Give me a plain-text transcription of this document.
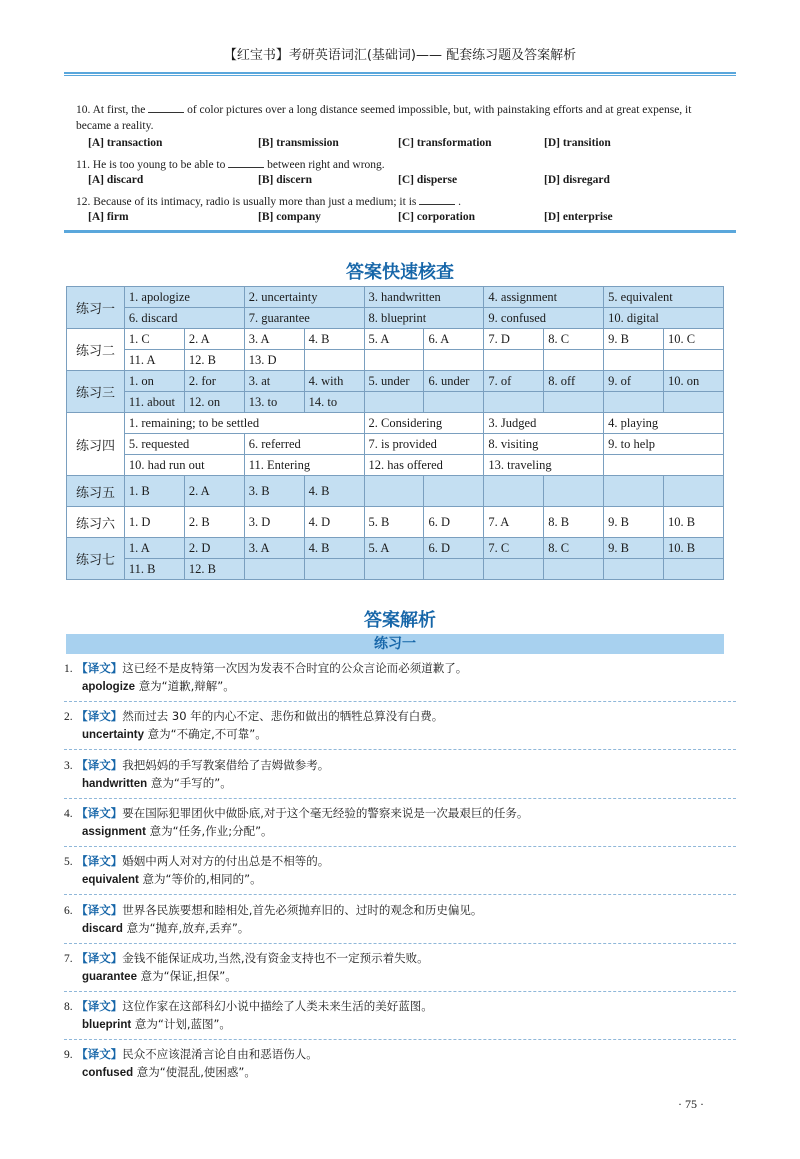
【红宝书】考研英语词汇(基础词)—— 配套练习题及答案解析
10. At first, the	of color pictures over a long distance seemed impossible, but, with painstaking efforts and at great expense, it
became a reality.
[A] transaction	[B] transmission	[C] transformation	[D] transition
11. He is too young to be able to	between right and wrong.
[A] discard	[B] discern	[C] disperse	[D] disregard
12. Because of its intimacy, radio is usually more than just a medium; it is	.
[A] firm	[B] company	[C] corporation	[D] enterprise
答案快速核查
练习一	1. apologize		2. uncertainty		3. handwritten		4. assignment		5. equivalent	
	6. discard		7. guarantee		8. blueprint		9. confused		10. digital	
练习二	1. C	2. A	3. A	4. B	5. A	6. A	7. D	8. C	9. B	10. C
	11. A	12. B	13. D							
练习三	1. on	2. for	3. at	4. with	5. under	6. under	7. of	8. off	9. of	10. on
	11. about	12. on	13. to	14. to						
练习四	1. remaining; to be settled				2. Considering		3. Judged		4. playing	
	5. requested		6. referred		7. is provided		8. visiting		9. to help	
	10. had run out		11. Entering		12. has offered		13. traveling			
练习五	1. B	2. A	3. B	4. B						
练习六	1. D	2. B	3. D	4. D	5. B	6. D	7. A	8. B	9. B	10. B
练习七	1. A	2. D	3. A	4. B	5. A	6. D	7. C	8. C	9. B	10. B
	11. B	12. B								
答案解析
练习一
1. 【译文】这已经不是皮特第一次因为发表不合时宜的公众言论而必须道歉了。
apologize 意为“道歉,辩解”。
2. 【译文】然而过去 30 年的内心不定、悲伤和做出的牺牲总算没有白费。
uncertainty 意为“不确定,不可靠”。
3. 【译文】我把妈妈的手写教案借给了吉姆做参考。
handwritten 意为“手写的”。
4. 【译文】要在国际犯罪团伙中做卧底,对于这个毫无经验的警察来说是一次最艰巨的任务。
assignment 意为“任务,作业;分配”。
5. 【译文】婚姻中两人对对方的付出总是不相等的。
equivalent 意为“等价的,相同的”。
6. 【译文】世界各民族要想和睦相处,首先必须抛弃旧的、过时的观念和历史偏见。
discard 意为“抛弃,放弃,丢弃”。
7. 【译文】金钱不能保证成功,当然,没有资金支持也不一定预示着失败。
guarantee 意为“保证,担保”。
8. 【译文】这位作家在这部科幻小说中描绘了人类未来生活的美好蓝图。
blueprint 意为“计划,蓝图”。
9. 【译文】民众不应该混淆言论自由和恶语伤人。
confused 意为“使混乱,使困惑”。
· 75 ·
